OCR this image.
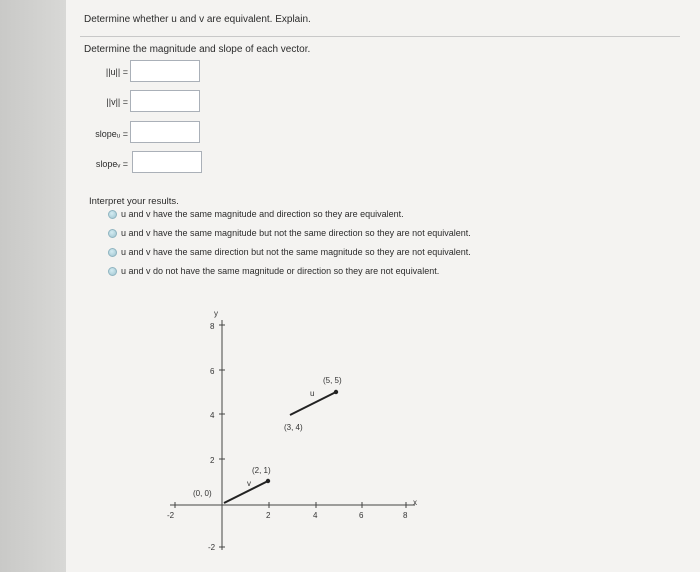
Determine whether u and v are equivalent. Explain.
Determine the magnitude and slope of each vector.
||u|| =
||v|| =
slopeᵤ =
slopeᵥ =
Interpret your results.
u and v have the same magnitude and direction so they are equivalent.
u and v have the same magnitude but not the same direction so they are not equivalent.
u and v have the same direction but not the same magnitude so they are not equivalent.
u and v do not have the same magnitude or direction so they are not equivalent.
y
x
-2	2	4	6	8
8
6
4
2
-2
v
(0, 0)
(2, 1)
u
(3, 4)
(5, 5)
